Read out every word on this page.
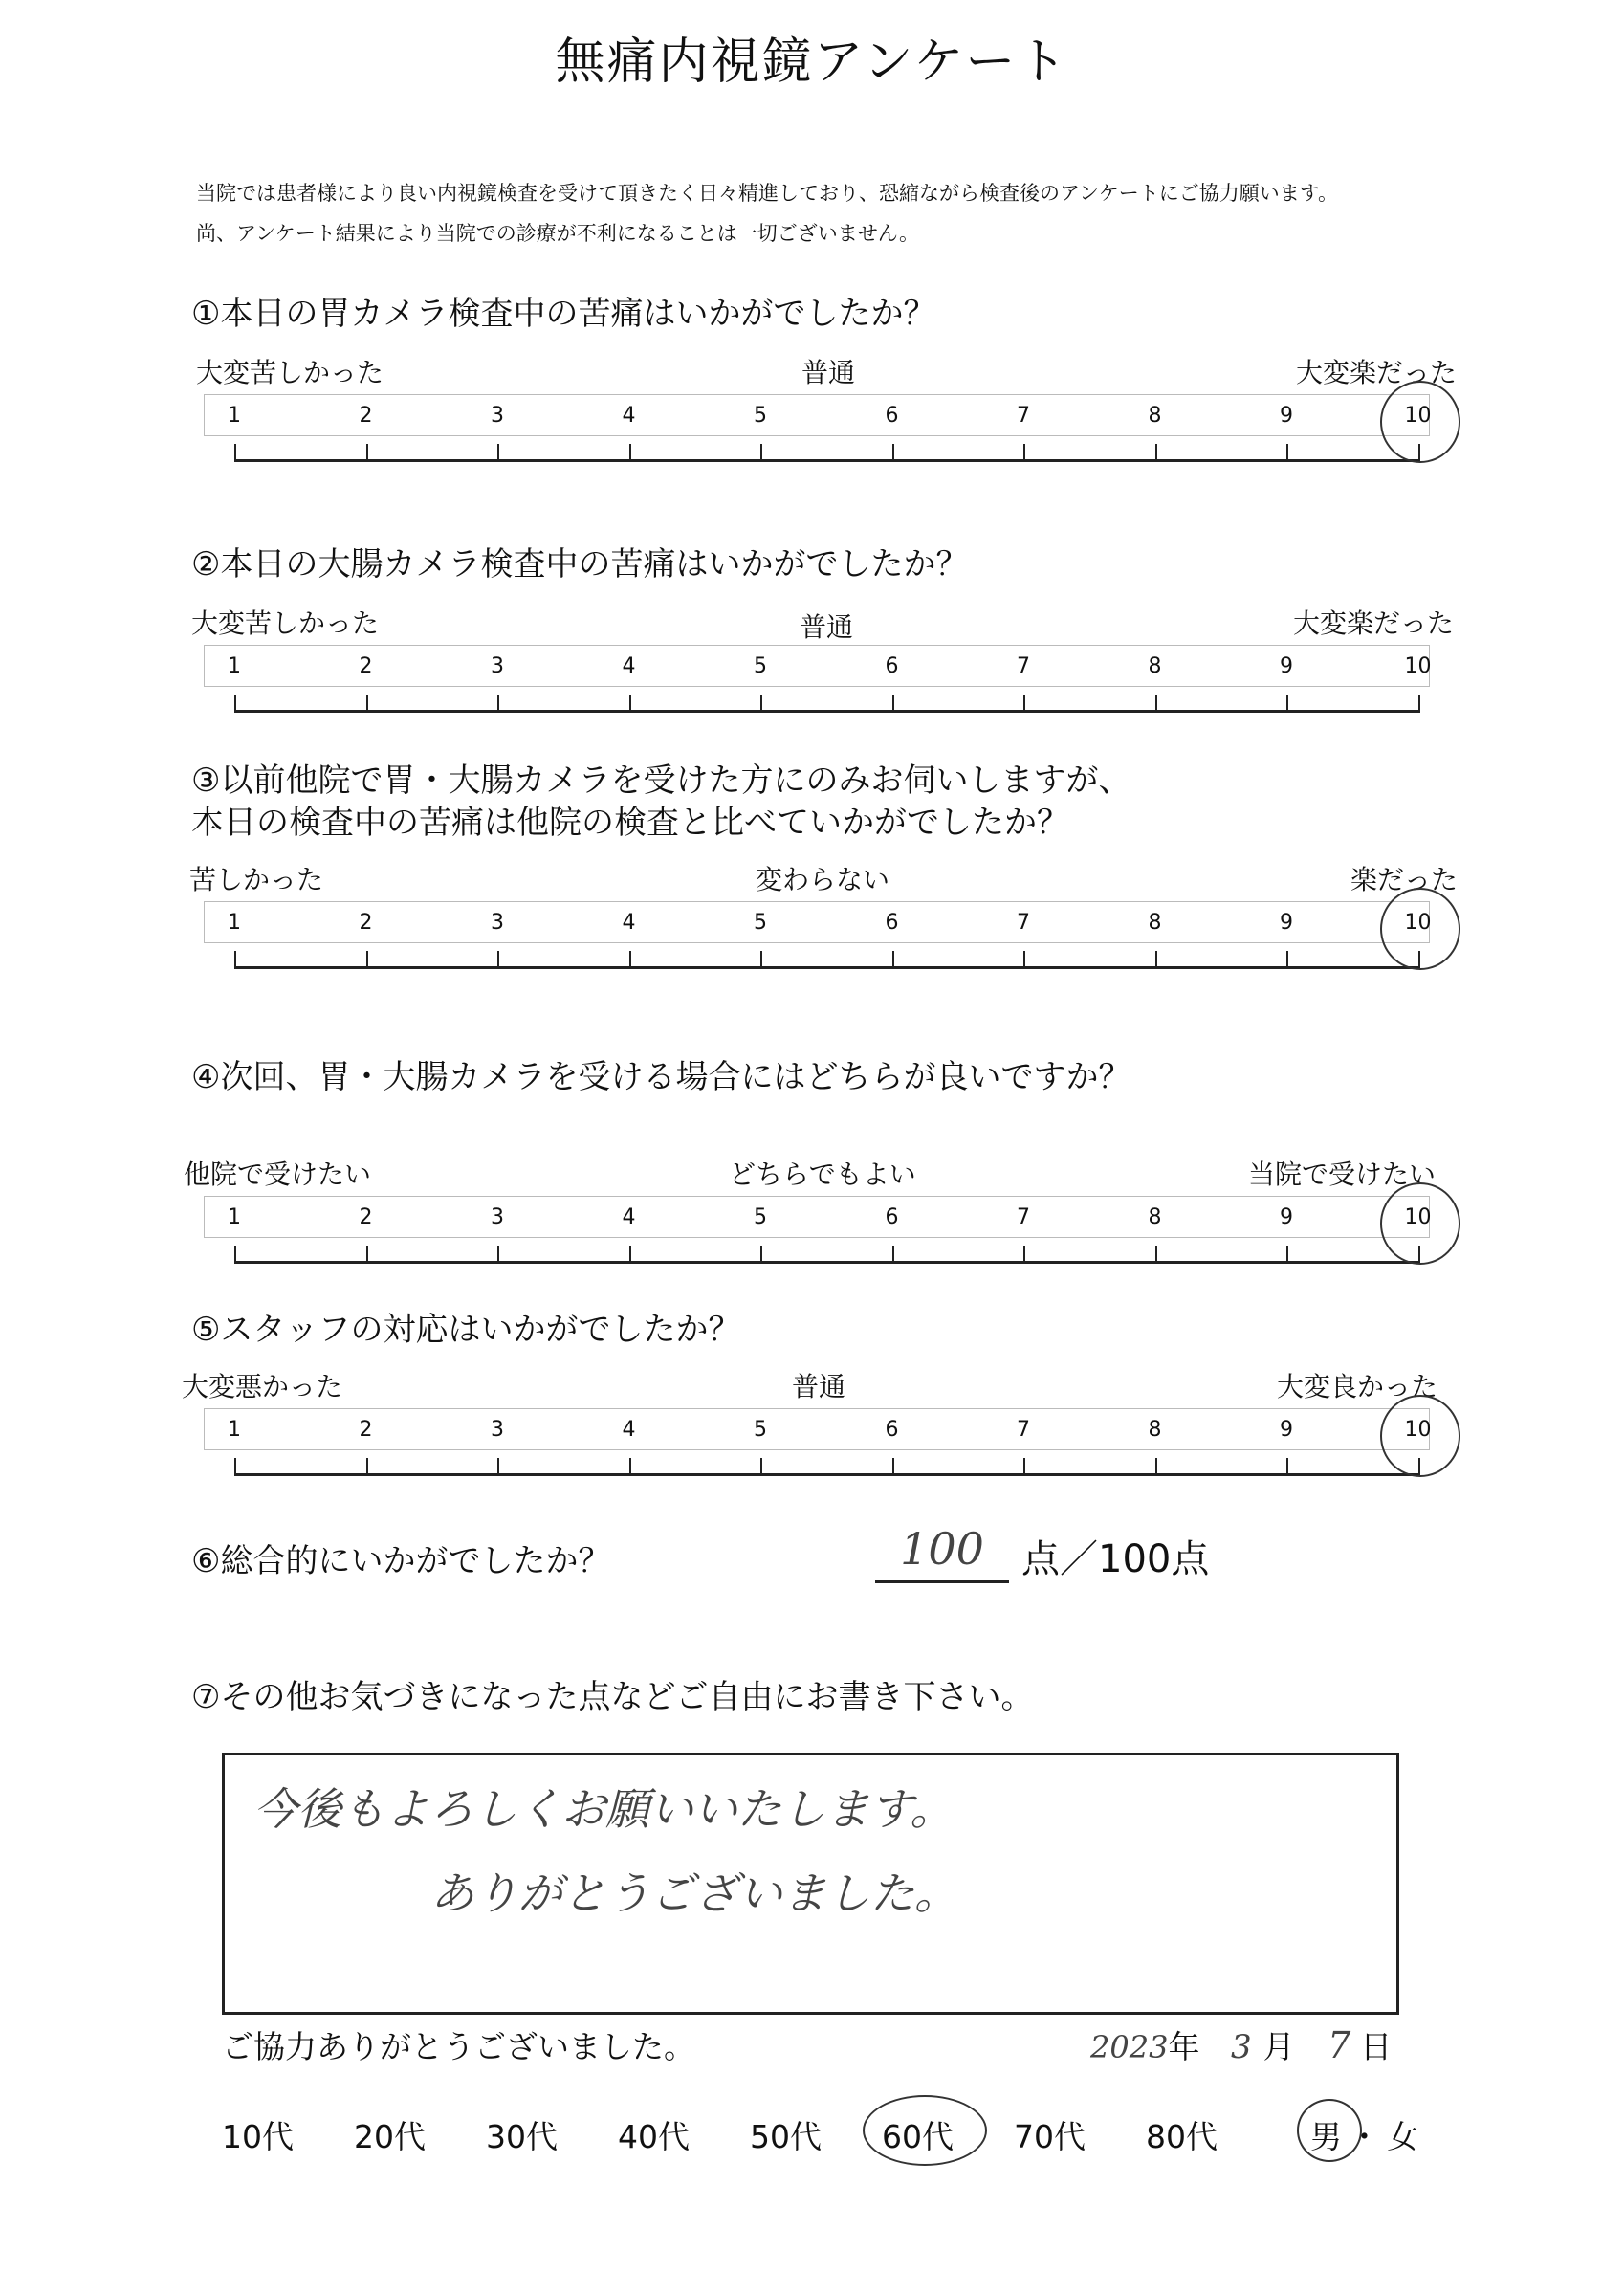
無痛内視鏡アンケート
当院では患者様により良い内視鏡検査を受けて頂きたく日々精進しており、恐縮ながら検査後のアンケートにご協力願います。
尚、アンケート結果により当院での診療が不利になることは一切ございません。
①本日の胃カメラ検査中の苦痛はいかがでしたか？
大変苦しかった	普通	大変楽だった
1	2	3	4	5	6	7	8	9	10
②本日の大腸カメラ検査中の苦痛はいかがでしたか？
大変苦しかった	普通	大変楽だった
1	2	3	4	5	6	7	8	9	10
③以前他院で胃・大腸カメラを受けた方にのみお伺いしますが、
本日の検査中の苦痛は他院の検査と比べていかがでしたか？
苦しかった	変わらない	楽だった
1	2	3	4	5	6	7	8	9	10
④次回、胃・大腸カメラを受ける場合にはどちらが良いですか？
他院で受けたい	どちらでもよい	当院で受けたい
1	2	3	4	5	6	7	8	9	10
⑤スタッフの対応はいかがでしたか？
大変悪かった	普通	大変良かった
1	2	3	4	5	6	7	8	9	10
⑥総合的にいかがでしたか？	100 点／100点
⑦その他お気づきになった点などご自由にお書き下さい。
今後もよろしくお願いいたします。
ありがとうございました。
ご協力ありがとうございました。	2023年 3 月 7 日
10代 20代 30代 40代 50代 60代 70代 80代	男 ・ 女
